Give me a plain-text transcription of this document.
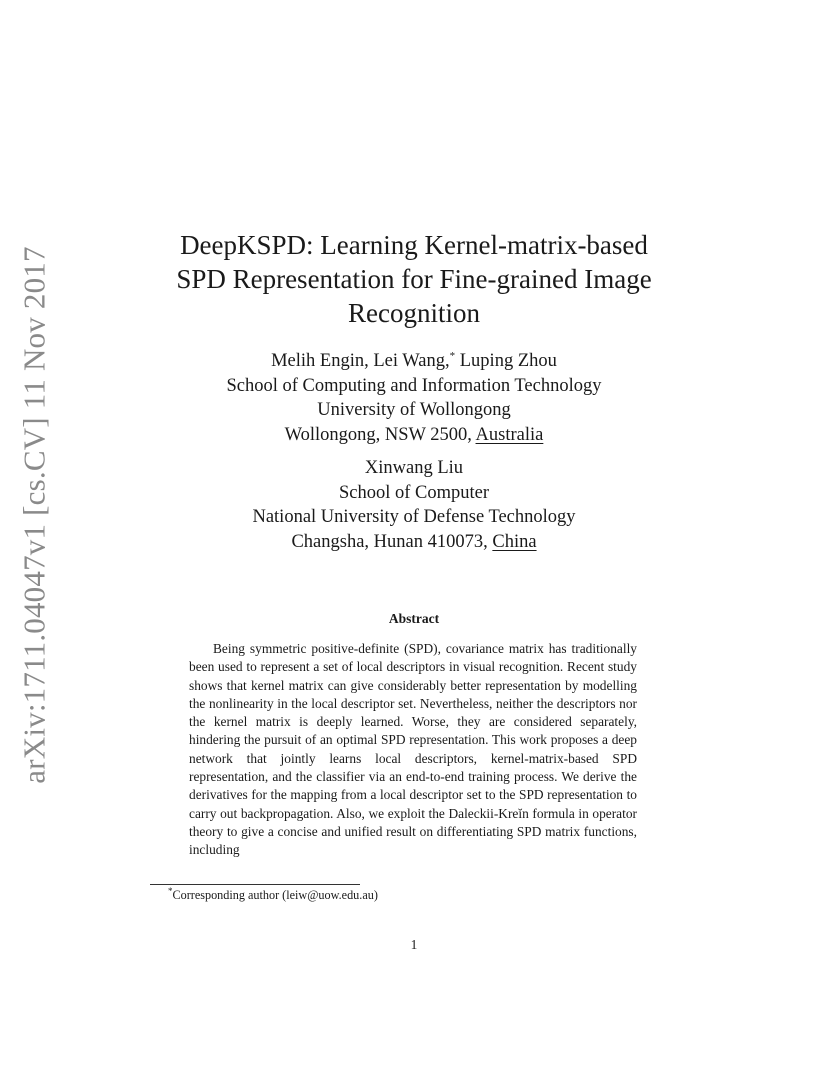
arXiv:1711.04047v1 [cs.CV] 11 Nov 2017
DeepKSPD: Learning Kernel-matrix-based
SPD Representation for Fine-grained Image
Recognition
Melih Engin, Lei Wang,* Luping Zhou
School of Computing and Information Technology
University of Wollongong
Wollongong, NSW 2500, Australia
Xinwang Liu
School of Computer
National University of Defense Technology
Changsha, Hunan 410073, China
Abstract

Being symmetric positive-definite (SPD), covariance matrix has traditionally been used to represent a set of local descriptors in visual recognition. Recent study shows that kernel matrix can give considerably better representation by modelling the nonlinearity in the local descriptor set. Nevertheless, neither the descriptors nor the kernel matrix is deeply learned. Worse, they are considered separately, hindering the pursuit of an optimal SPD representation. This work proposes a deep network that jointly learns local descriptors, kernel-matrix-based SPD representation, and the classifier via an end-to-end training process. We derive the derivatives for the mapping from a local descriptor set to the SPD representation to carry out backpropagation. Also, we exploit the Daleckii-Kreĭn formula in operator theory to give a concise and unified result on differentiating SPD matrix functions, including

*Corresponding author (leiw@uow.edu.au)
1
